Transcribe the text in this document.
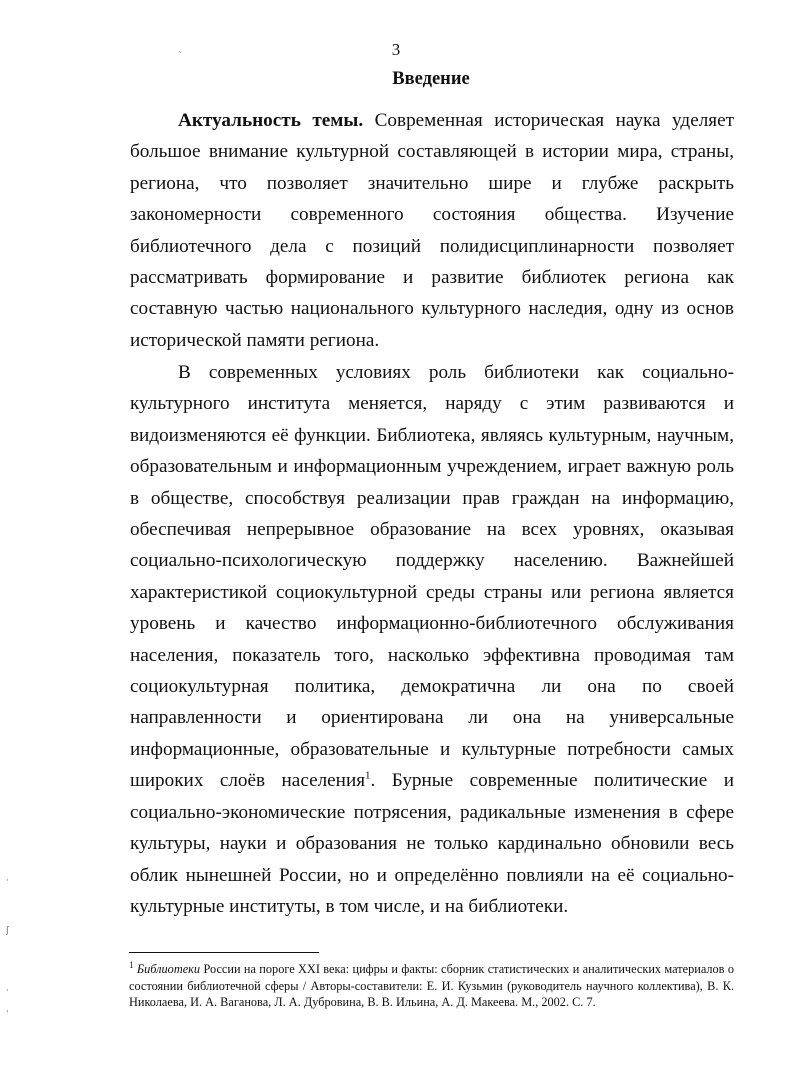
3
Введение

Актуальность темы. Современная историческая наука уделяет большое внимание культурной составляющей в истории мира, страны, региона, что позволяет значительно шире и глубже раскрыть закономерности современного состояния общества. Изучение библиотечного дела с позиций полидисциплинарности позволяет рассматривать формирование и развитие библиотек региона как составную частью национального культурного наследия, одну из основ исторической памяти региона.

В современных условиях роль библиотеки как социально-культурного института меняется, наряду с этим развиваются и видоизменяются её функции. Библиотека, являясь культурным, научным, образовательным и информационным учреждением, играет важную роль в обществе, способствуя реализации прав граждан на информацию, обеспечивая непрерывное образование на всех уровнях, оказывая социально-психологическую поддержку населению. Важнейшей характеристикой социокультурной среды страны или региона является уровень и качество информационно-библиотечного обслуживания населения, показатель того, насколько эффективна проводимая там социокультурная политика, демократична ли она по своей направленности и ориентирована ли она на универсальные информационные, образовательные и культурные потребности самых широких слоёв населения$^1$. Бурные современные политические и социально-экономические потрясения, радикальные изменения в сфере культуры, науки и образования не только кардинально обновили весь облик нынешней России, но и определённо повлияли на её социально-культурные институты, в том числе, и на библиотеки.

$^1$ Библиотеки России на пороге XXI века: цифры и факты: сборник статистических и аналитических материалов о состоянии библиотечной сферы / Авторы-составители: Е. И. Кузьмин (руководитель научного коллектива), В. К. Николаева, И. А. Ваганова, Л. А. Дубровина, В. В. Ильина, А. Д. Макеева. М., 2002. С. 7.

˛
·
ʃ
·
ˈ
